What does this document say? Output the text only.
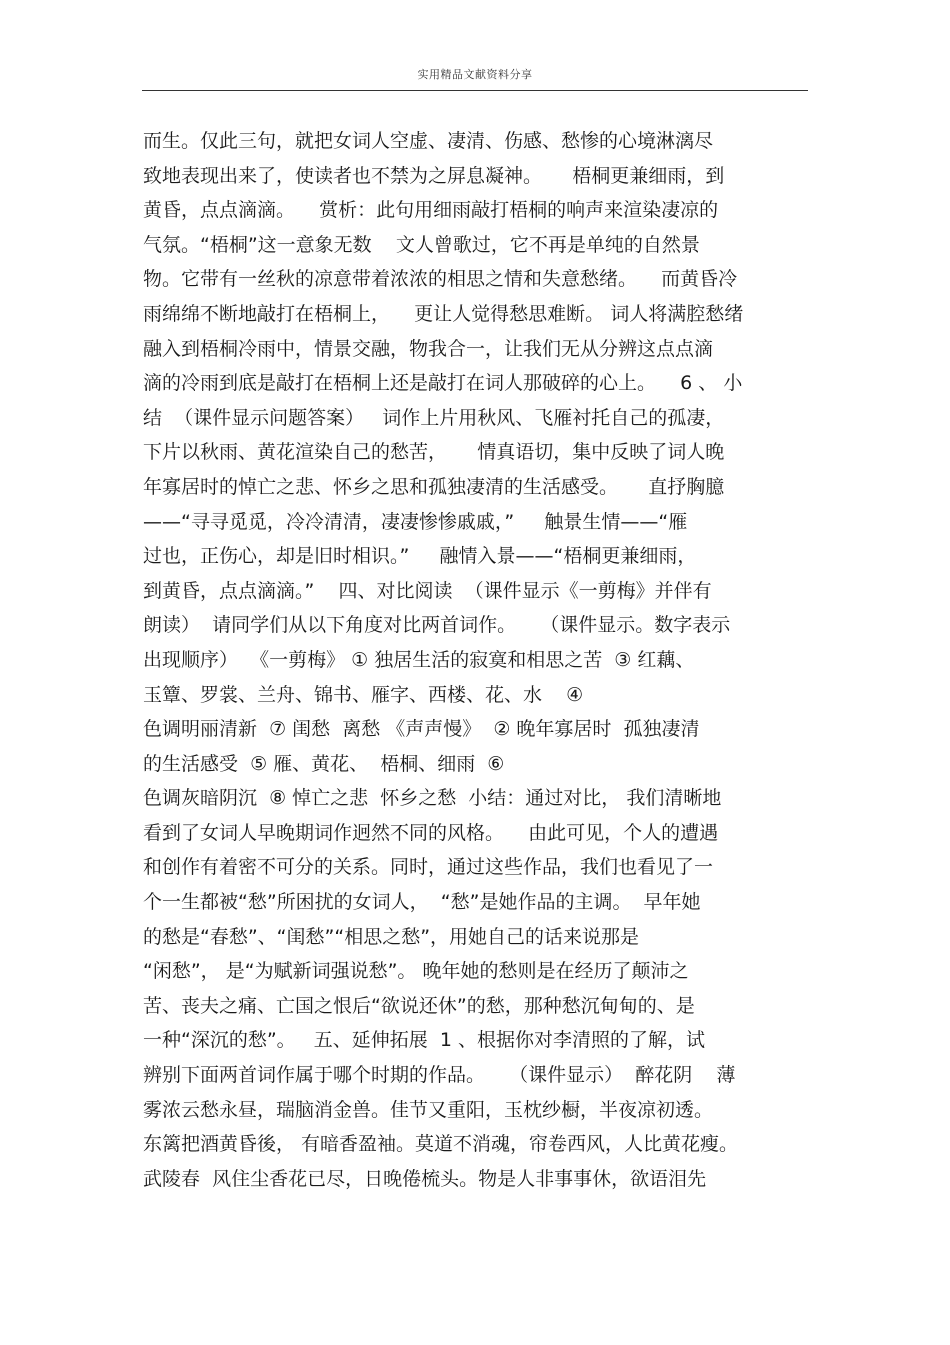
实用精品文献资料分享
而生。仅此三句，就把女词人空虚、凄清、伤感、愁惨的心境淋漓尽
致地表现出来了，使读者也不禁为之屏息凝神。     梧桐更兼细雨，到
黄昏，点点滴滴。    赏析：此句用细雨敲打梧桐的响声来渲染凄凉的
气氛。“梧桐”这一意象无数    文人曾歌过，它不再是单纯的自然景
物。它带有一丝秋的凉意带着浓浓的相思之情和失意愁绪。    而黄昏冷
雨绵绵不断地敲打在梧桐上，    更让人觉得愁思难断。 词人将满腔愁绪
融入到梧桐冷雨中，情景交融，物我合一，让我们无从分辨这点点滴
滴的冷雨到底是敲打在梧桐上还是敲打在词人那破碎的心上。    6 、 小
结  （课件显示问题答案）   词作上片用秋风、飞雁衬托自己的孤凄，
下片以秋雨、黄花渲染自己的愁苦，     情真语切，集中反映了词人晚
年寡居时的悼亡之悲、怀乡之思和孤独凄清的生活感受。     直抒胸臆
——“寻寻觅觅，冷冷清清，凄凄惨惨戚戚，”     触景生情——“雁
过也，正伤心，却是旧时相识。”     融情入景——“梧桐更兼细雨，
到黄昏，点点滴滴。”    四、对比阅读  （课件显示《一剪梅》并伴有
朗读）  请同学们从以下角度对比两首词作。    （课件显示。数字表示
出现顺序）  《一剪梅》 ① 独居生活的寂寞和相思之苦  ③ 红藕、
玉簟、罗裳、兰舟、锦书、雁字、西楼、花、水    ④
色调明丽清新  ⑦ 闺愁  离愁 《声声慢》  ② 晚年寡居时  孤独凄清
的生活感受  ⑤ 雁、黄花、  梧桐、细雨  ⑥
色调灰暗阴沉  ⑧ 悼亡之悲  怀乡之愁  小结：通过对比， 我们清晰地
看到了女词人早晚期词作迥然不同的风格。    由此可见，个人的遭遇
和创作有着密不可分的关系。同时，通过这些作品，我们也看见了一
个一生都被“愁”所困扰的女词人，  “愁”是她作品的主调。  早年她
的愁是“春愁”、“闺愁”“相思之愁”，用她自己的话来说那是
“闲愁”， 是“为赋新词强说愁”。 晚年她的愁则是在经历了颠沛之
苦、丧夫之痛、亡国之恨后“欲说还休”的愁，那种愁沉甸甸的、是
一种“深沉的愁”。   五、延伸拓展  1 、根据你对李清照的了解，试
辨别下面两首词作属于哪个时期的作品。    （课件显示）  醉花阴    薄
雾浓云愁永昼，瑞脑消金兽。佳节又重阳，玉枕纱橱，半夜凉初透。
东篱把酒黄昏後， 有暗香盈袖。莫道不消魂，帘卷西风，人比黄花瘦。
武陵春  风住尘香花已尽，日晚倦梳头。物是人非事事休，欲语泪先
